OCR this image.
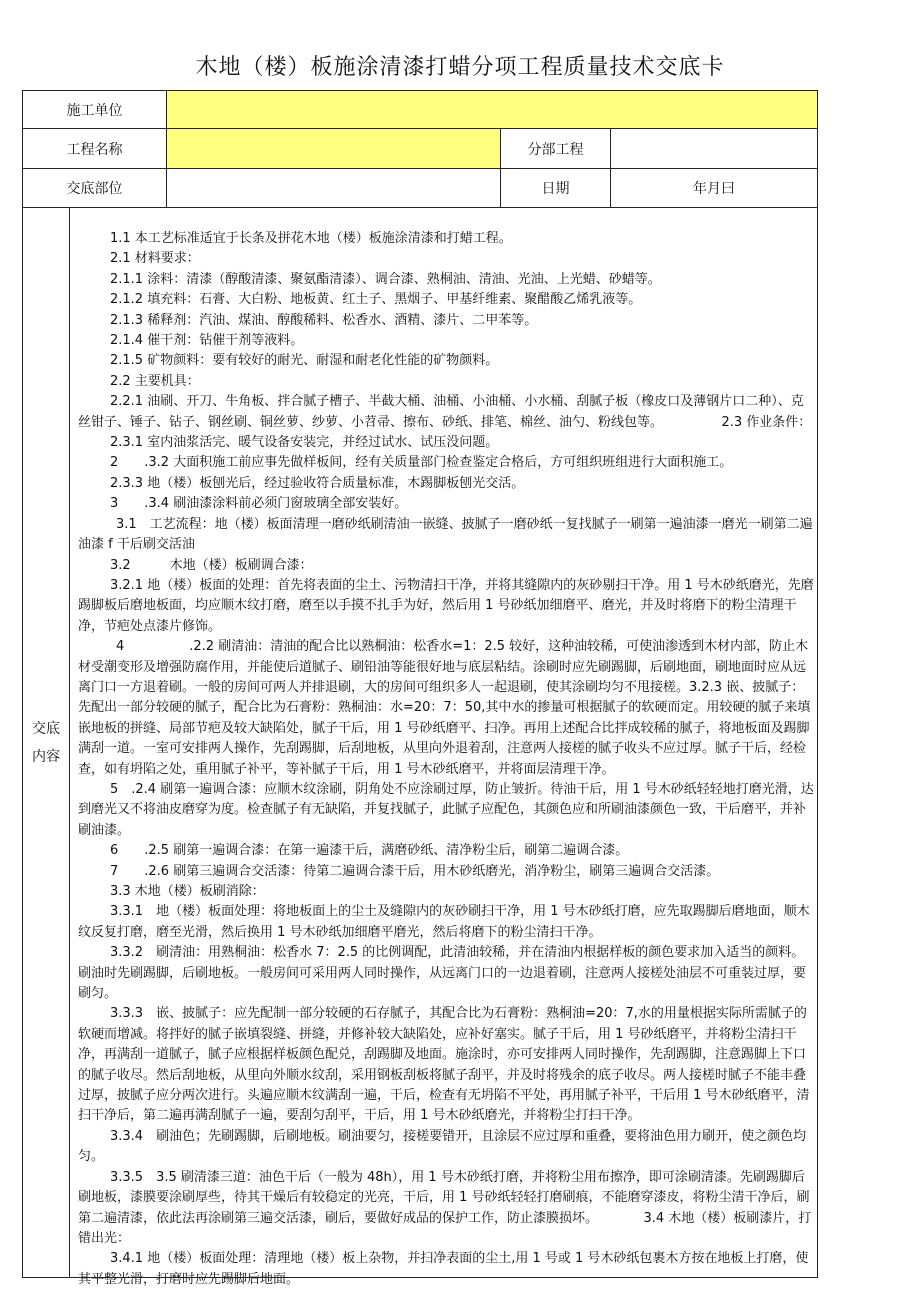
木地（楼）板施涂清漆打蜡分项工程质量技术交底卡
施工单位
工程名称	分部工程
交底部位	日期	年月曰
交底内容

1.1 本工艺标准适宜于长条及拼花木地（楼）板施涂清漆和打蜡工程。

2.1 材料要求：

2.1.1 涂料：清漆（醇酸清漆、聚氨酯清漆）、调合漆、熟桐油、清油、光油、上光蜡、砂蜡等。

2.1.2 填充料：石膏、大白粉、地板黄、红土子、黑烟子、甲基纤维素、聚醋酸乙烯乳液等。

2.1.3 稀释剂：汽油、煤油、醇酸稀料、松香水、酒精、漆片、二甲苯等。

2.1.4 催干剂：钻催干剂等液料。

2.1.5 矿物颜料：要有较好的耐光、耐湿和耐老化性能的矿物颜料。

2.2 主要机具：

2.2.1 油刷、开刀、牛角板、拌合腻子槽子、半截大桶、油桶、小油桶、小水桶、刮腻子板（橡皮口及薄钢片口二种）、克丝钳子、锤子、钻子、钢丝刷、铜丝萝、纱萝、小苕帚、擦布、砂纸、排笔、棉丝、油勺、粉线包等。　　　　　2.3 作业条件：

2.3.1 室内油浆活完、暖气设备安装完，并经过试水、试压没问题。

2　　.3.2 大面积施工前应事先做样板间，经有关质量部门检查鉴定合格后，方可组织班组进行大面积施工。

2.3.3 地（楼）板刨光后，经过验收符合质量标准，木踢脚板刨光交活。

3　　.3.4 刷油漆涂料前必须门窗玻璃全部安装好。

3.1　工艺流程：地（楼）板面清理一磨砂纸刷清油一嵌缝、披腻子一磨砂纸一复找腻子一刷第一遍油漆一磨光一刷第二遍油漆 f 干后刷交活油

3.2　　　木地（楼）板刷调合漆：

3.2.1 地（楼）板面的处理：首先将表面的尘土、污物清扫干净，并将其缝隙内的灰砂剔扫干净。用 1 号木砂纸磨光，先磨踢脚板后磨地板面，均应顺木纹打磨，磨至以手摸不扎手为好，然后用 1 号砂纸加细磨平、磨光，并及时将磨下的粉尘清理干净，节疤处点漆片修饰。

4　　　　　.2.2 刷清油：清油的配合比以熟桐油：松香水=1：2.5 较好，这种油较稀，可使油渗透到木材内部，防止木材受潮变形及增强防腐作用，并能使后道腻子、刷铅油等能很好地与底层粘结。涂刷时应先刷踢脚，后刷地面，刷地面时应从远离门口一方退着刷。一般的房间可两人并排退刷，大的房间可组织多人一起退刷，使其涂刷均匀不甩接槎。3.2.3 嵌、披腻子：先配出一部分较硬的腻子，配合比为石膏粉：熟桐油：水=20：7：50,其中水的掺量可根据腻子的软硬而定。用较硬的腻子来填嵌地板的拼缝、局部节疤及较大缺陷处，腻子干后，用 1 号砂纸磨平、扫净。再用上述配合比拌成较稀的腻子，将地板面及踢脚满刮一道。一室可安排两人操作，先刮踢脚，后刮地板，从里向外退着刮，注意两人接槎的腻子收头不应过厚。腻子干后，经检查，如有坍陷之处，重用腻子补平，等补腻子干后，用 1 号木砂纸磨平，并将面层清理干净。

5　.2.4 刷第一遍调合漆：应顺木纹涂刷，阴角处不应涂刷过厚，防止皱折。待油干后，用 1 号木砂纸轻轻地打磨光滑，达到磨光又不将油皮磨穿为度。检查腻子有无缺陷，并复找腻子，此腻子应配色，其颜色应和所刷油漆颜色一致，干后磨平，并补刷油漆。

6　　.2.5 刷第一遍调合漆：在第一遍漆干后，满磨砂纸、清净粉尘后，刷第二遍调合漆。

7　　.2.6 刷第三遍调合交活漆：待第二遍调合漆干后，用木砂纸磨光，消净粉尘，刷第三遍调合交活漆。

3.3 木地（楼）板刷消除：

3.3.1　地（楼）板面处理：将地板面上的尘土及缝隙内的灰砂刷扫干净，用 1 号木砂纸打磨，应先取踢脚后磨地面，顺木纹反复打磨，磨至光滑，然后换用 1 号木砂纸加细磨平磨光，然后将磨下的粉尘清扫干净。

3.3.2　刷清油：用熟桐油：松香水 7：2.5 的比例调配，此清油较稀，并在清油内根据样板的颜色要求加入适当的颜料。刷油时先刷踢脚，后刷地板。一般房间可采用两人同时操作，从远离门口的一边退着刷，注意两人接槎处油层不可重装过厚，要刷匀。

3.3.3　嵌、披腻子：应先配制一部分较硬的石存腻子，其配合比为石膏粉：熟桐油=20：7,水的用量根据实际所需腻子的软硬而增减。将拌好的腻子嵌填裂缝、拼缝，并修补较大缺陷处，应补好塞实。腻子干后，用 1 号砂纸磨平，并将粉尘清扫干净，再满刮一道腻子，腻子应根据样板颜色配兑，刮踢脚及地面。施涂时，亦可安排两人同时操作，先刮踢脚，注意踢脚上下口的腻子收尽。然后刮地板，从里向外顺水纹刮，采用钢板刮板将腻子刮平，并及时将残余的底子收尽。两人接槎时腻子不能丰叠过厚，披腻子应分两次进行。头遍应顺木纹满刮一遍，干后，检查有无坍陷不平处，再用腻子补平，干后用 1 号木砂纸磨平，清扫干净后，第二遍再满刮腻子一遍，要刮匀刮平，干后，用 1 号木砂纸磨光，并将粉尘打扫干净。

3.3.4　刷油色；先刷踢脚，后刷地板。刷油要匀，接槎要错开，且涂层不应过厚和重叠，要将油色用力刷开，使之颜色均匀。

3.3.5　3.5 刷清漆三道：油色干后（一般为 48h），用 1 号木砂纸打磨，并将粉尘用布擦净，即可涂刷清漆。先刷踢脚后刷地板，漆膜要涂刷厚些，待其干燥后有较稳定的光亮，干后，用 1 号砂纸轻轻打磨刷痕，不能磨穿漆皮，将粉尘清干净后，刷第二遍清漆，依此法再涂刷第三遍交活漆，刷后，要做好成品的保护工作，防止漆膜损坏。　　　　3.4 木地（楼）板刷漆片，打错出光：

3.4.1 地（楼）板面处理：清理地（楼）板上杂物，并扫净表面的尘土,用 1 号或 1 号木砂纸包裹木方按在地板上打磨，使其平整光滑，打磨时应先踢脚后地面。
